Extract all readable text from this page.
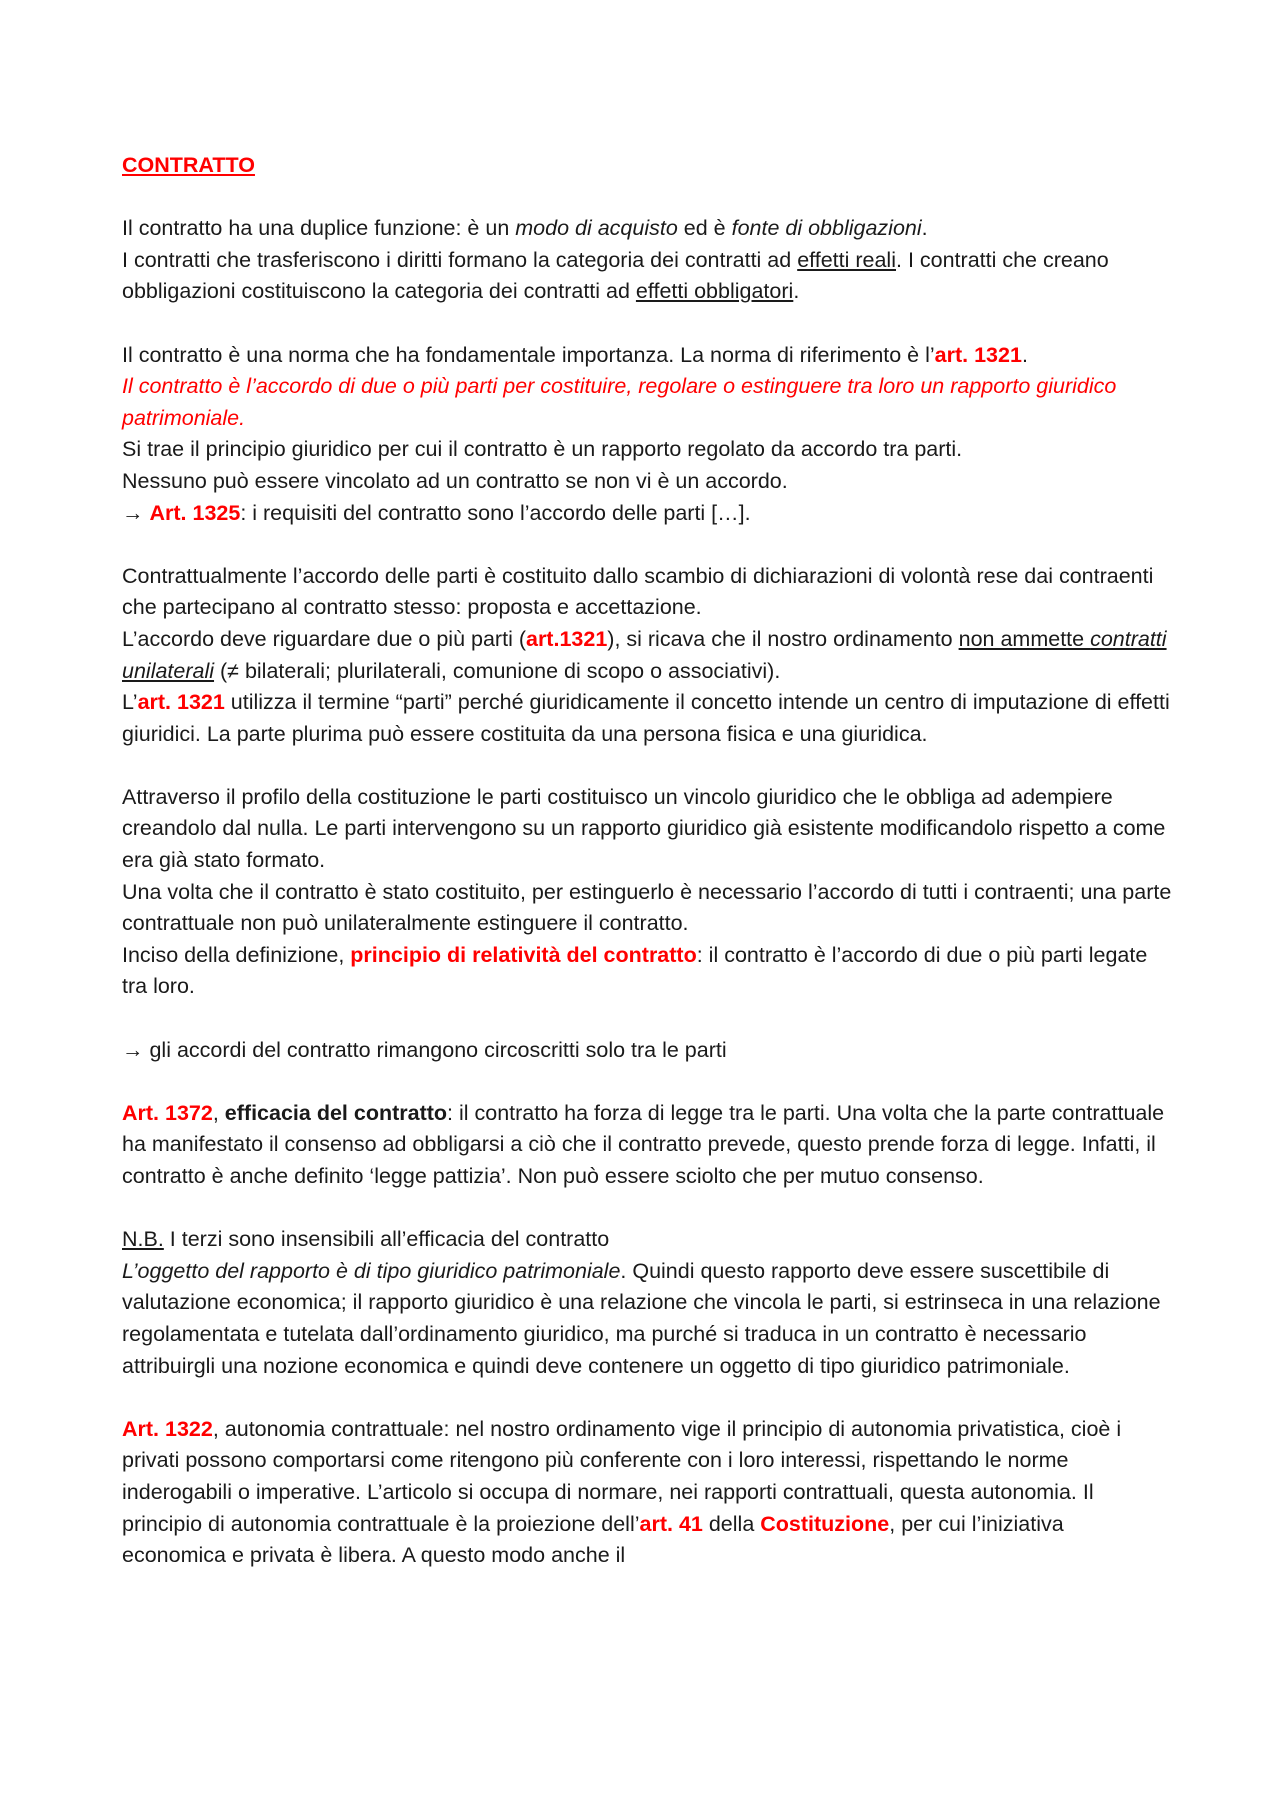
CONTRATTO

Il contratto ha una duplice funzione: è un modo di acquisto ed è fonte di obbligazioni.

I contratti che trasferiscono i diritti formano la categoria dei contratti ad effetti reali. I contratti che creano obbligazioni costituiscono la categoria dei contratti ad effetti obbligatori.

Il contratto è una norma che ha fondamentale importanza. La norma di riferimento è l’art. 1321.

Il contratto è l’accordo di due o più parti per costituire, regolare o estinguere tra loro un rapporto giuridico patrimoniale.

Si trae il principio giuridico per cui il contratto è un rapporto regolato da accordo tra parti.

Nessuno può essere vincolato ad un contratto se non vi è un accordo.

→ Art. 1325: i requisiti del contratto sono l’accordo delle parti […].

Contrattualmente l’accordo delle parti è costituito dallo scambio di dichiarazioni di volontà rese dai contraenti che partecipano al contratto stesso: proposta e accettazione.

L’accordo deve riguardare due o più parti (art.1321), si ricava che il nostro ordinamento non ammette contratti unilaterali (≠ bilaterali; plurilaterali, comunione di scopo o associativi).

L’art. 1321 utilizza il termine “parti” perché giuridicamente il concetto intende un centro di imputazione di effetti giuridici. La parte plurima può essere costituita da una persona fisica e una giuridica.

Attraverso il profilo della costituzione le parti costituisco un vincolo giuridico che le obbliga ad adempiere creandolo dal nulla. Le parti intervengono su un rapporto giuridico già esistente modificandolo rispetto a come era già stato formato.

Una volta che il contratto è stato costituito, per estinguerlo è necessario l’accordo di tutti i contraenti; una parte contrattuale non può unilateralmente estinguere il contratto.

Inciso della definizione, principio di relatività del contratto: il contratto è l’accordo di due o più parti legate tra loro.

→ gli accordi del contratto rimangono circoscritti solo tra le parti

Art. 1372, efficacia del contratto: il contratto ha forza di legge tra le parti. Una volta che la parte contrattuale ha manifestato il consenso ad obbligarsi a ciò che il contratto prevede, questo prende forza di legge. Infatti, il contratto è anche definito ‘legge pattizia’. Non può essere sciolto che per mutuo consenso.

N.B. I terzi sono insensibili all’efficacia del contratto

L’oggetto del rapporto è di tipo giuridico patrimoniale. Quindi questo rapporto deve essere suscettibile di valutazione economica; il rapporto giuridico è una relazione che vincola le parti, si estrinseca in una relazione regolamentata e tutelata dall’ordinamento giuridico, ma purché si traduca in un contratto è necessario attribuirgli una nozione economica e quindi deve contenere un oggetto di tipo giuridico patrimoniale.

Art. 1322, autonomia contrattuale: nel nostro ordinamento vige il principio di autonomia privatistica, cioè i privati possono comportarsi come ritengono più conferente con i loro interessi, rispettando le norme inderogabili o imperative. L’articolo si occupa di normare, nei rapporti contrattuali, questa autonomia. Il principio di autonomia contrattuale è la proiezione dell’art. 41 della Costituzione, per cui l’iniziativa economica e privata è libera. A questo modo anche il
